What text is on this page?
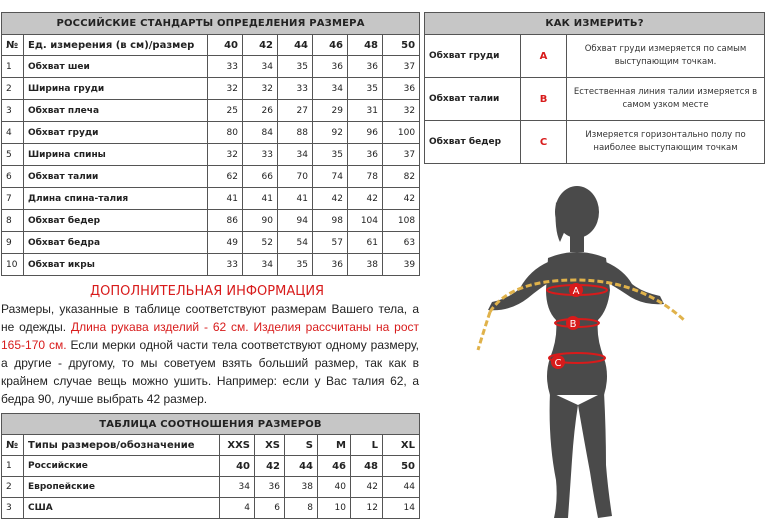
РОССИЙСКИЕ СТАНДАРТЫ ОПРЕДЕЛЕНИЯ РАЗМЕРА							
№	Ед. измерения (в см)/размер	40	42	44	46	48	50
1	Обхват шеи	33	34	35	36	36	37
2	Ширина груди	32	32	33	34	35	36
3	Обхват плеча	25	26	27	29	31	32
4	Обхват груди	80	84	88	92	96	100
5	Ширина спины	32	33	34	35	36	37
6	Обхват талии	62	66	70	74	78	82
7	Длина спина-талия	41	41	41	42	42	42
8	Обхват бедер	86	90	94	98	104	108
9	Обхват бедра	49	52	54	57	61	63
10	Обхват икры	33	34	35	36	38	39
КАК ИЗМЕРИТЬ?		
Обхват груди	A	Обхват груди измеряется по самым выступающим точкам.
Обхват талии	B	Естественная линия талии измеряется в самом узком месте
Обхват бедер	C	Измеряется горизонтально полу по наиболее выступающим точкам
ДОПОЛНИТЕЛЬНАЯ ИНФОРМАЦИЯ
Размеры, указанные в таблице соответствуют размерам Вашего тела, а не одежды. Длина рукава изделий - 62 см. Изделия рассчитаны на рост 165-170 см. Если мерки одной части тела соответствуют одному размеру, а другие - другому, то мы советуем взять больший размер, так как в крайнем случае вещь можно ушить. Например: если у Вас талия 62, а бедра 90, лучше выбрать 42 размер.
ТАБЛИЦА СООТНОШЕНИЯ РАЗМЕРОВ							
№	Типы размеров/обозначение	XXS	XS	S	M	L	XL
1	Российские	40	42	44	46	48	50
2	Европейские	34	36	38	40	42	44
3	США	4	6	8	10	12	14
A
B
C
